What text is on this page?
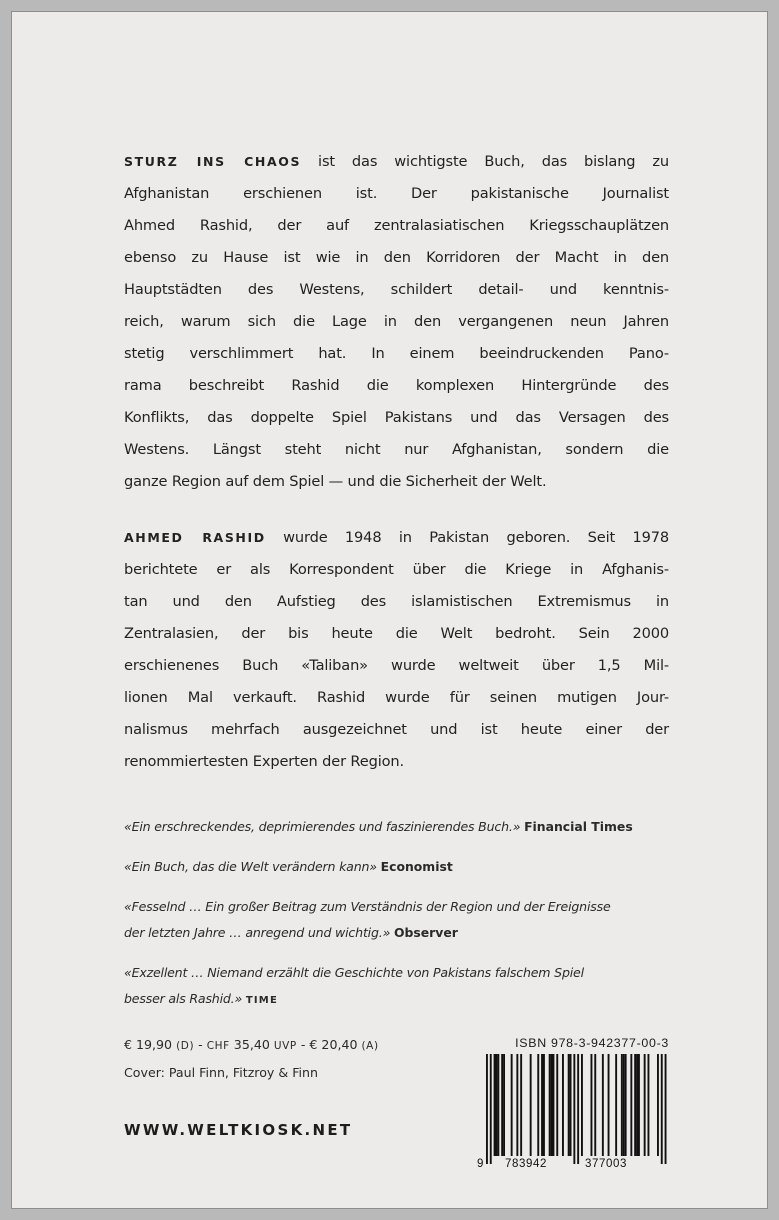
STURZ INS CHAOS ist das wichtigste Buch, das bislang zu
Afghanistan erschienen ist. Der pakistanische Journalist
Ahmed Rashid, der auf zentralasiatischen Kriegsschauplätzen
ebenso zu Hause ist wie in den Korridoren der Macht in den
Hauptstädten des Westens, schildert detail- und kenntnis-
reich, warum sich die Lage in den vergangenen neun Jahren
stetig verschlimmert hat. In einem beeindruckenden Pano-
rama beschreibt Rashid die komplexen Hintergründe des
Konflikts, das doppelte Spiel Pakistans und das Versagen des
Westens. Längst steht nicht nur Afghanistan, sondern die
ganze Region auf dem Spiel — und die Sicherheit der Welt.

AHMED RASHID wurde 1948 in Pakistan geboren. Seit 1978
berichtete er als Korrespondent über die Kriege in Afghanis-
tan und den Aufstieg des islamistischen Extremismus in
Zentralasien, der bis heute die Welt bedroht. Sein 2000
erschienenes Buch «Taliban» wurde weltweit über 1,5 Mil-
lionen Mal verkauft. Rashid wurde für seinen mutigen Jour-
nalismus mehrfach ausgezeichnet und ist heute einer der
renommiertesten Experten der Region.

«Ein erschreckendes, deprimierendes und faszinierendes Buch.» Financial Times

«Ein Buch, das die Welt verändern kann» Economist

«Fesselnd … Ein großer Beitrag zum Verständnis der Region und der Ereignisse
der letzten Jahre … anregend und wichtig.» Observer

«Exzellent … Niemand erzählt die Geschichte von Pakistans falschem Spiel
besser als Rashid.» TIME

€ 19,90 (D) - CHF 35,40 UVP - € 20,40 (A)
Cover: Paul Finn, Fitzroy & Finn
WWW.WELTKIOSK.NET
ISBN 978-3-942377-00-3
9 783942	377003
